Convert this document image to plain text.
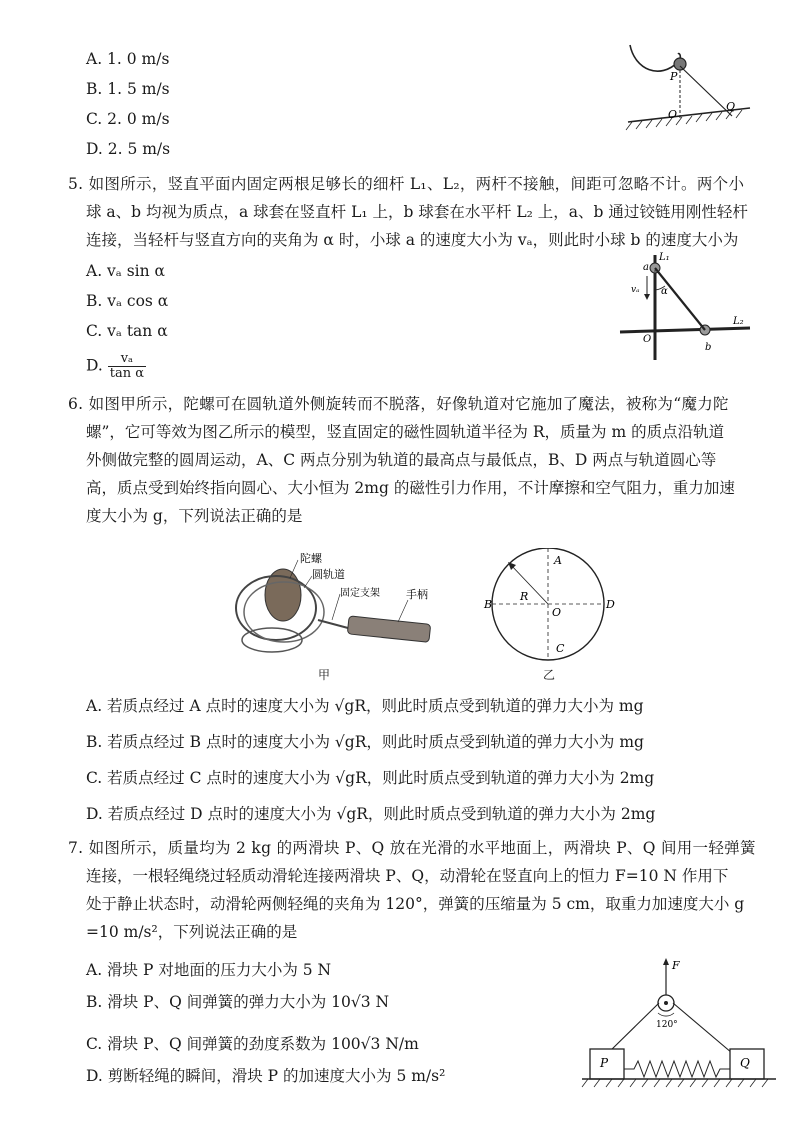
A. 1. 0 m/s
B. 1. 5 m/s
C. 2. 0 m/s
D. 2. 5 m/s
P
O
Q
5. 如图所示，竖直平面内固定两根足够长的细杆 L₁、L₂，两杆不接触，间距可忽略不计。两个小
球 a、b 均视为质点，a 球套在竖直杆 L₁ 上，b 球套在水平杆 L₂ 上，a、b 通过铰链用刚性轻杆
连接，当轻杆与竖直方向的夹角为 α 时，小球 a 的速度大小为 vₐ，则此时小球 b 的速度大小为
A. vₐ sin α
B. vₐ cos α
C. vₐ tan α
D. $\frac{\text{vₐ}}{\text{tan α}}$
L₁
L₂
a
b
O
α
vₐ
6. 如图甲所示，陀螺可在圆轨道外侧旋转而不脱落，好像轨道对它施加了魔法，被称为“魔力陀
螺”，它可等效为图乙所示的模型，竖直固定的磁性圆轨道半径为 R，质量为 m 的质点沿轨道
外侧做完整的圆周运动，A、C 两点分别为轨道的最高点与最低点，B、D 两点与轨道圆心等
高，质点受到始终指向圆心、大小恒为 2mg 的磁性引力作用，不计摩擦和空气阻力，重力加速
度大小为 g，下列说法正确的是
陀螺
圆轨道
固定支架 手柄
甲
A
B
C
D
O
R
乙
A. 若质点经过 A 点时的速度大小为 √gR，则此时质点受到轨道的弹力大小为 mg
B. 若质点经过 B 点时的速度大小为 √gR，则此时质点受到轨道的弹力大小为 mg
C. 若质点经过 C 点时的速度大小为 √gR，则此时质点受到轨道的弹力大小为 2mg
D. 若质点经过 D 点时的速度大小为 √gR，则此时质点受到轨道的弹力大小为 2mg
7. 如图所示，质量均为 2 kg 的两滑块 P、Q 放在光滑的水平地面上，两滑块 P、Q 间用一轻弹簧
连接，一根轻绳绕过轻质动滑轮连接两滑块 P、Q，动滑轮在竖直向上的恒力 F=10 N 作用下
处于静止状态时，动滑轮两侧轻绳的夹角为 120°，弹簧的压缩量为 5 cm，取重力加速度大小 g
=10 m/s²，下列说法正确的是
A. 滑块 P 对地面的压力大小为 5 N
B. 滑块 P、Q 间弹簧的弹力大小为 10√3 N
C. 滑块 P、Q 间弹簧的劲度系数为 100√3 N/m
D. 剪断轻绳的瞬间，滑块 P 的加速度大小为 5 m/s²
F
120°
P	Q
